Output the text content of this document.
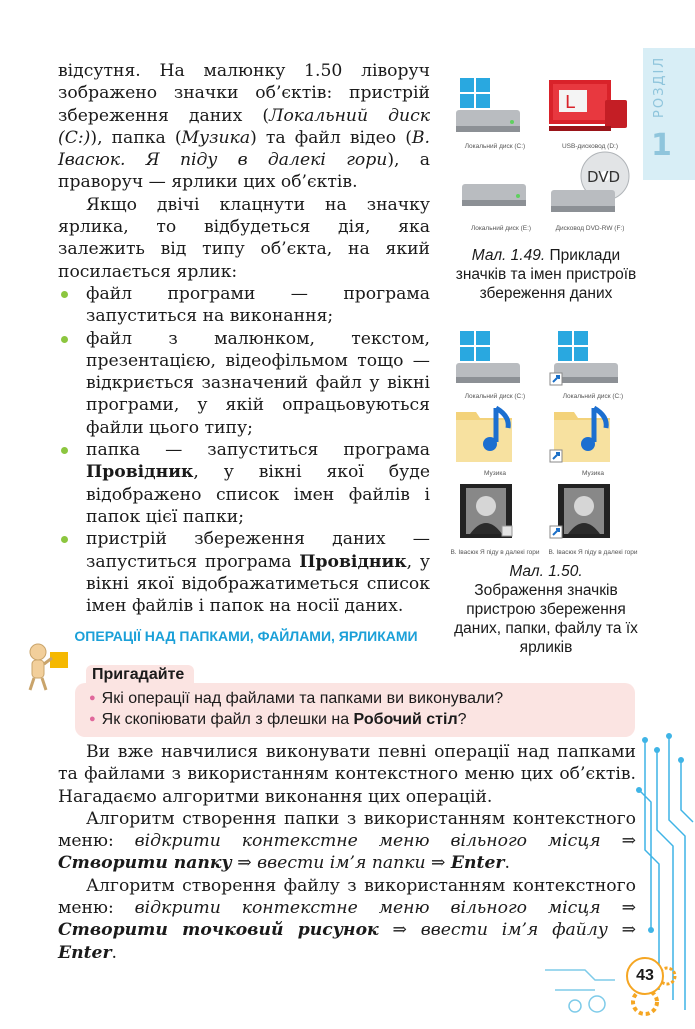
РОЗДІЛ
1

відсутня. На малюнку 1.50 ліворуч зображено значки об’єктів: пристрій збереження даних (Локальний диск (С:)), папка (Музика) та файл відео (В. Івасюк. Я піду в далекі гори), а праворуч — ярлики цих об’єктів.

Якщо двічі клацнути на значку ярлика, то відбудеться дія, яка залежить від типу об’єкта, на який посилається ярлик:

файл програми — програма запуститься на виконання;
файл з малюнком, текстом, презентацією, відеофільмом тощо — відкриється зазначений файл у вікні програми, у якій опрацьовуються файли цього типу;
папка — запуститься програма Провідник, у вікні якої буде відображено список імен файлів і папок цієї папки;
пристрій збереження даних — запуститься програма Провідник, у вікні якої відображатиметься список імен файлів і папок на носії даних.
Локальний диск (С:)
L
USB-дисковод (D:)
Локальний диск (Е:)
DVD
Дисковод DVD-RW (F:)
Мал. 1.49. Приклади значків та імен пристроїв збереження даних
Локальний диск (С:)	Локальний диск (С:)
Музика	Музика
В. Івасюк Я піду в далекі гори В. Івасюк Я піду в далекі гори
Мал. 1.50.
Зображення значків пристрою збереження даних, папки, файлу та їх ярликів
ОПЕРАЦІЇ НАД ПАПКАМИ, ФАЙЛАМИ, ЯРЛИКАМИ
● Які операції над файлами та папками ви виконували?
● Як скопіювати файл з флешки на Робочий стіл?
Пригадайте

Ви вже навчилися виконувати певні операції над папками та файлами з використанням контекстного меню цих об’єктів. Нагадаємо алгоритми виконання цих операцій.

Алгоритм створення папки з використанням контекстного меню: відкрити контекстне меню вільного місця ⇒ Створити папку ⇒ ввести ім’я папки ⇒ Enter.

Алгоритм створення файлу з використанням контекстного меню: відкрити контекстне меню вільного місця ⇒ Створити точковий рисунок ⇒ ввести ім’я файлу ⇒ Enter.

43
